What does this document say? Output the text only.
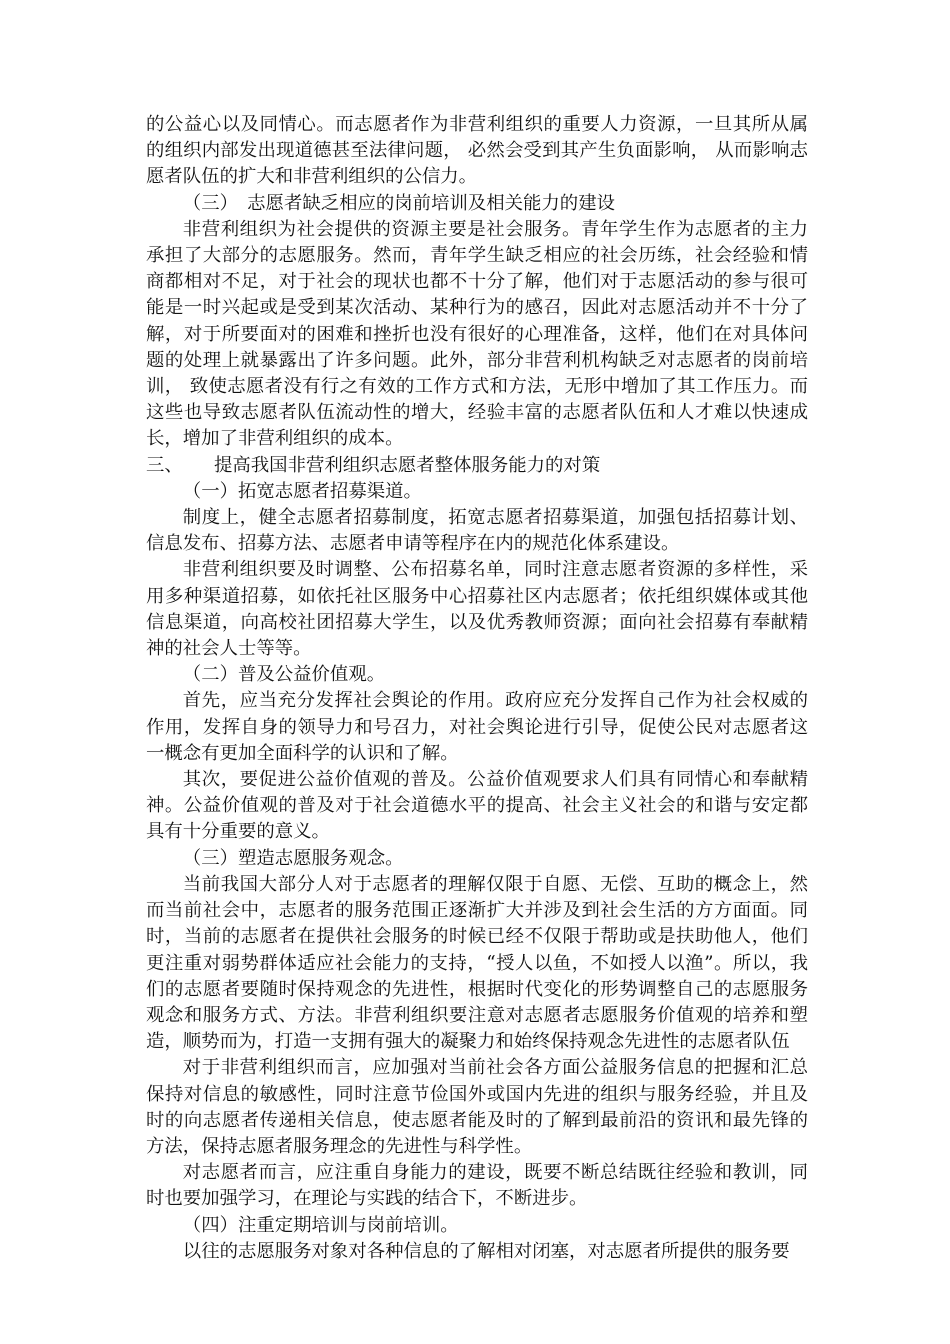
的公益心以及同情心。而志愿者作为非营利组织的重要人力资源，一旦其所从属的组织内部发出现道德甚至法律问题， 必然会受到其产生负面影响， 从而影响志愿者队伍的扩大和非营利组织的公信力。

（三）　志愿者缺乏相应的岗前培训及相关能力的建设

非营利组织为社会提供的资源主要是社会服务。青年学生作为志愿者的主力承担了大部分的志愿服务。然而，青年学生缺乏相应的社会历练，社会经验和情商都相对不足，对于社会的现状也都不十分了解，他们对于志愿活动的参与很可能是一时兴起或是受到某次活动、某种行为的感召，因此对志愿活动并不十分了解，对于所要面对的困难和挫折也没有很好的心理准备，这样，他们在对具体问题的处理上就暴露出了许多问题。此外，部分非营利机构缺乏对志愿者的岗前培训， 致使志愿者没有行之有效的工作方式和方法，无形中增加了其工作压力。而这些也导致志愿者队伍流动性的增大，经验丰富的志愿者队伍和人才难以快速成长，增加了非营利组织的成本。

三、 提高我国非营利组织志愿者整体服务能力的对策

（一）拓宽志愿者招募渠道。

制度上，健全志愿者招募制度，拓宽志愿者招募渠道，加强包括招募计划、信息发布、招募方法、志愿者申请等程序在内的规范化体系建设。

非营利组织要及时调整、公布招募名单，同时注意志愿者资源的多样性，采用多种渠道招募，如依托社区服务中心招募社区内志愿者；依托组织媒体或其他信息渠道，向高校社团招募大学生，以及优秀教师资源；面向社会招募有奉献精神的社会人士等等。

（二）普及公益价值观。

首先，应当充分发挥社会舆论的作用。政府应充分发挥自己作为社会权威的作用，发挥自身的领导力和号召力，对社会舆论进行引导，促使公民对志愿者这一概念有更加全面科学的认识和了解。

其次，要促进公益价值观的普及。公益价值观要求人们具有同情心和奉献精神。公益价值观的普及对于社会道德水平的提高、社会主义社会的和谐与安定都具有十分重要的意义。

（三）塑造志愿服务观念。

当前我国大部分人对于志愿者的理解仅限于自愿、无偿、互助的概念上，然而当前社会中，志愿者的服务范围正逐渐扩大并涉及到社会生活的方方面面。同时，当前的志愿者在提供社会服务的时候已经不仅限于帮助或是扶助他人，他们更注重对弱势群体适应社会能力的支持，“授人以鱼，不如授人以渔”。所以，我们的志愿者要随时保持观念的先进性，根据时代变化的形势调整自己的志愿服务观念和服务方式、方法。非营利组织要注意对志愿者志愿服务价值观的培养和塑造，顺势而为，打造一支拥有强大的凝聚力和始终保持观念先进性的志愿者队伍

对于非营利组织而言，应加强对当前社会各方面公益服务信息的把握和汇总保持对信息的敏感性，同时注意节俭国外或国内先进的组织与服务经验，并且及时的向志愿者传递相关信息，使志愿者能及时的了解到最前沿的资讯和最先锋的方法，保持志愿者服务理念的先进性与科学性。

对志愿者而言，应注重自身能力的建设，既要不断总结既往经验和教训，同时也要加强学习，在理论与实践的结合下，不断进步。

（四）注重定期培训与岗前培训。

以往的志愿服务对象对各种信息的了解相对闭塞，对志愿者所提供的服务要
